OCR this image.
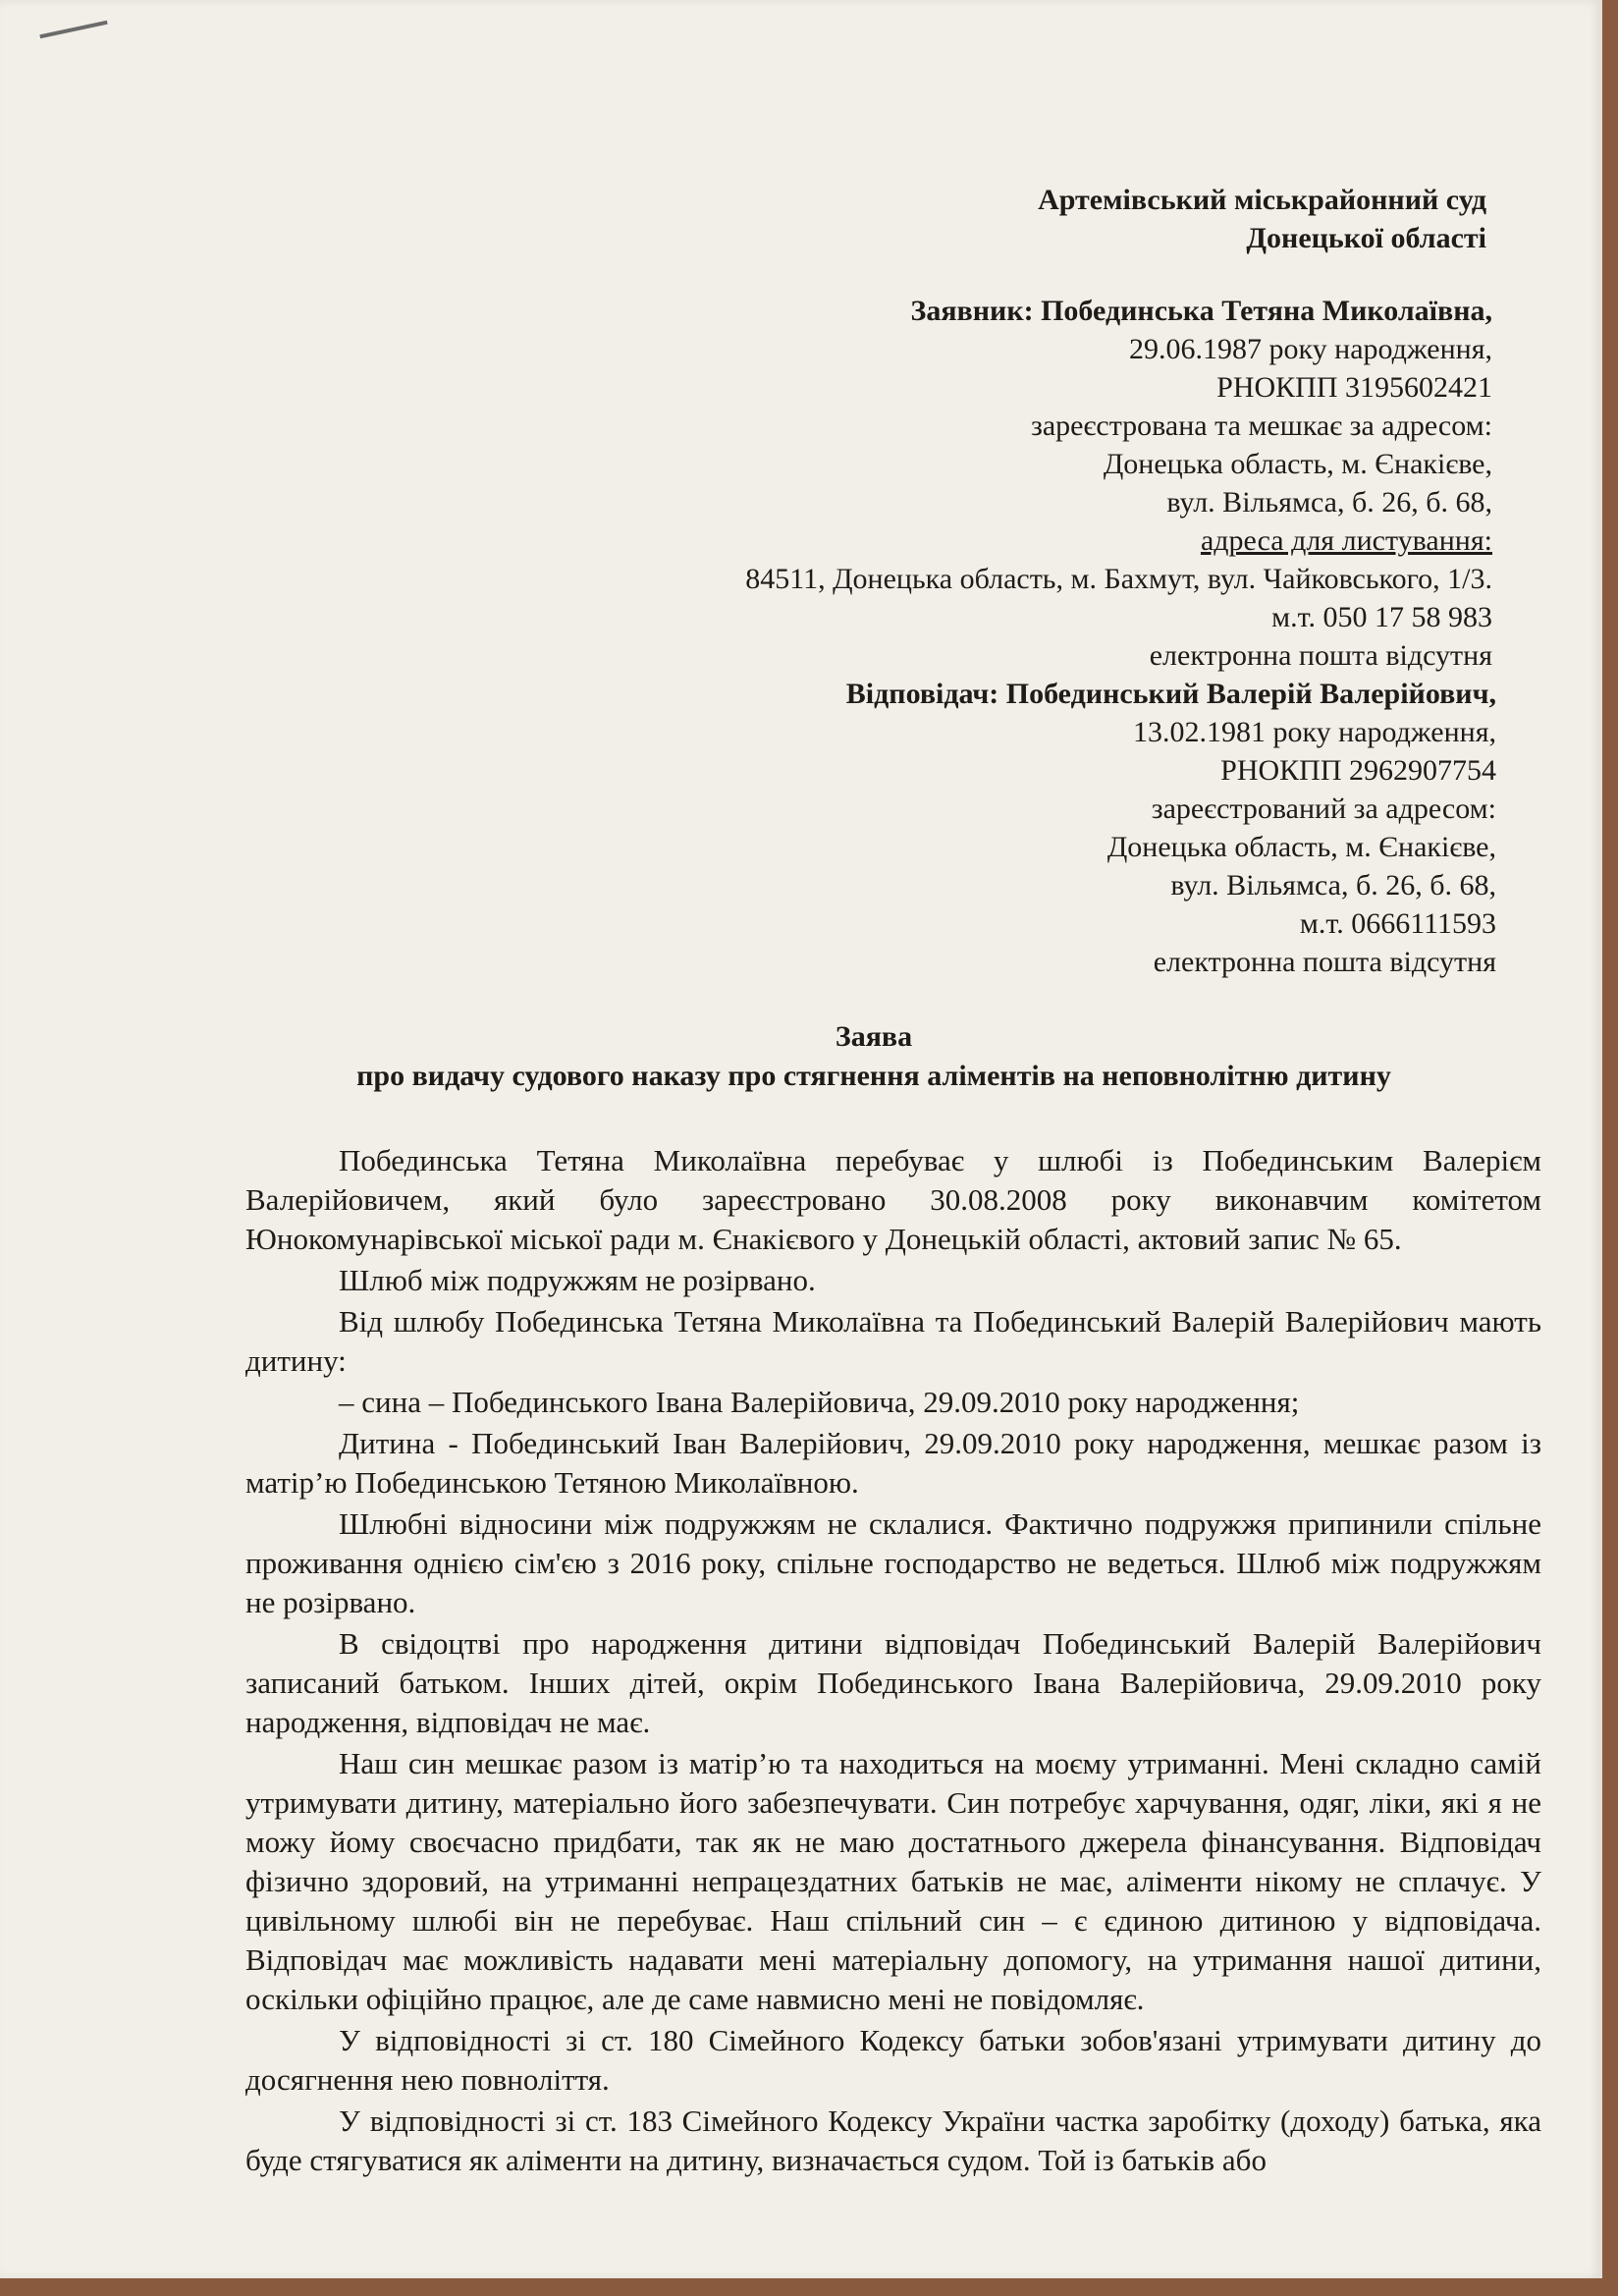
Артемівський міськрайонний суд
Донецької області
Заявник: Побединська Тетяна Миколаївна,
29.06.1987 року народження,
РНОКПП 3195602421
зареєстрована та мешкає за адресом:
Донецька область, м. Єнакієве,
вул. Вільямса, б. 26, б. 68,
адреса для листування:
84511, Донецька область, м. Бахмут, вул. Чайковського, 1/3.
м.т. 050 17 58 983
електронна пошта відсутня
Відповідач: Побединський Валерій Валерійович,
13.02.1981 року народження,
РНОКПП 2962907754
зареєстрований за адресом:
Донецька область, м. Єнакієве,
вул. Вільямса, б. 26, б. 68,
м.т. 0666111593
електронна пошта відсутня
Заява
про видачу судового наказу про стягнення аліментів на неповнолітню дитину

Побединська Тетяна Миколаївна перебуває у шлюбі із Побединським Валерієм Валерійовичем, який було зареєстровано 30.08.2008 року виконавчим комітетом Юнокомунарівської міської ради м. Єнакієвого у Донецькій області, актовий запис № 65.

Шлюб між подружжям не розірвано.

Від шлюбу Побединська Тетяна Миколаївна та Побединський Валерій Валерійович мають дитину:

– сина – Побединського Івана Валерійовича, 29.09.2010 року народження;

Дитина - Побединський Іван Валерійович, 29.09.2010 року народження, мешкає разом із матір’ю Побединською Тетяною Миколаївною.

Шлюбні відносини між подружжям не склалися. Фактично подружжя припинили спільне проживання однією сім'єю з 2016 року, спільне господарство не ведеться. Шлюб між подружжям не розірвано.

В свідоцтві про народження дитини відповідач Побединський Валерій Валерійович записаний батьком. Інших дітей, окрім Побединського Івана Валерійовича, 29.09.2010 року народження, відповідач не має.

Наш син мешкає разом із матір’ю та находиться на моєму утриманні. Мені складно самій утримувати дитину, матеріально його забезпечувати. Син потребує харчування, одяг, ліки, які я не можу йому своєчасно придбати, так як не маю достатнього джерела фінансування. Відповідач фізично здоровий, на утриманні непрацездатних батьків не має, аліменти нікому не сплачує. У цивільному шлюбі він не перебуває. Наш спільний син – є єдиною дитиною у відповідача. Відповідач має можливість надавати мені матеріальну допомогу, на утримання нашої дитини, оскільки офіційно працює, але де саме навмисно мені не повідомляє.

У відповідності зі ст. 180 Сімейного Кодексу батьки зобов'язані утримувати дитину до досягнення нею повноліття.

У відповідності зі ст. 183 Сімейного Кодексу України частка заробітку (доходу) батька, яка буде стягуватися як аліменти на дитину, визначається судом. Той із батьків або
